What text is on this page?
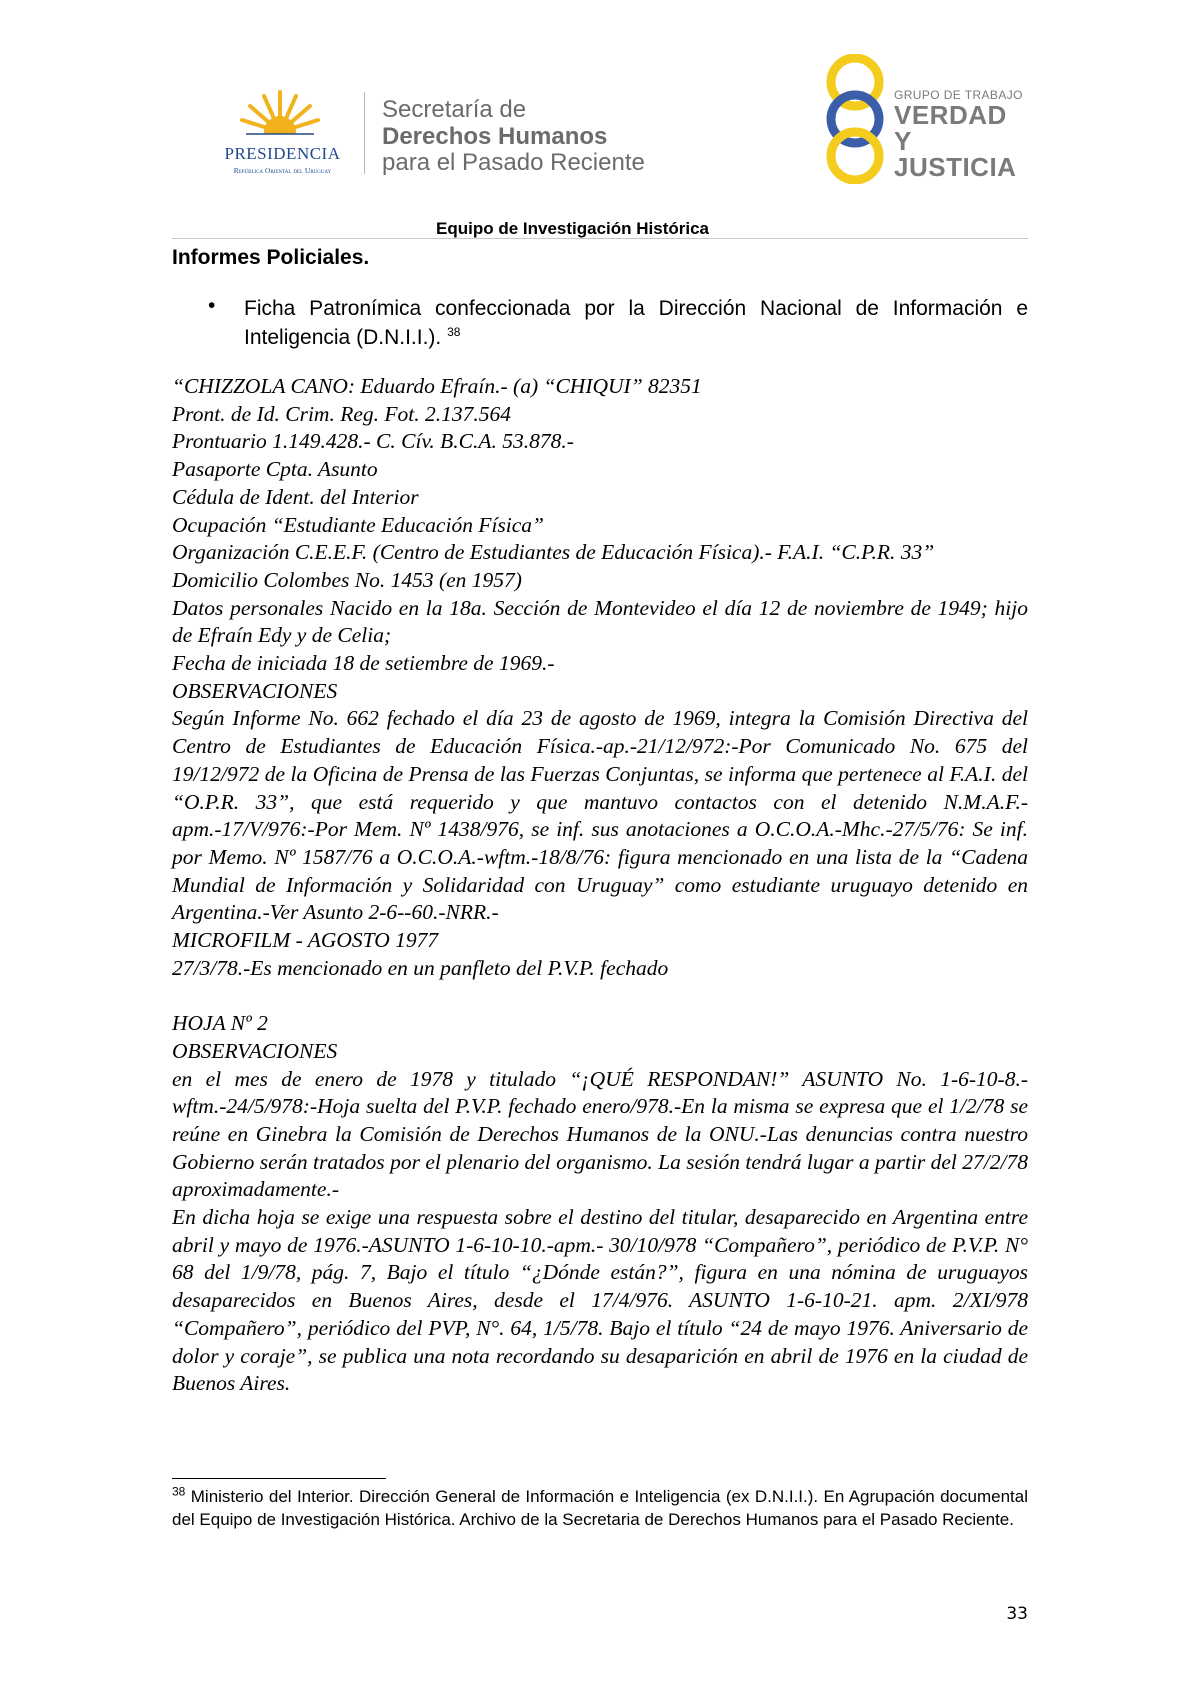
PRESIDENCIA
República Oriental del Uruguay
Secretaría de
Derechos Humanos
para el Pasado Reciente
GRUPO DE TRABAJO
VERDAD Y
JUSTICIA
Equipo de Investigación Histórica
Informes Policiales.
• Ficha Patronímica confeccionada por la Dirección Nacional de Información e Inteligencia (D.N.I.I.). $^{38}$

“CHIZZOLA CANO: Eduardo Efraín.- (a) “CHIQUI” 82351

Pront. de Id. Crim. Reg. Fot. 2.137.564

Prontuario 1.149.428.- C. Cív. B.C.A. 53.878.-

Pasaporte Cpta. Asunto

Cédula de Ident. del Interior

Ocupación “Estudiante Educación Física”

Organización C.E.E.F. (Centro de Estudiantes de Educación Física).- F.A.I. “C.P.R. 33”

Domicilio Colombes No. 1453 (en 1957)

Datos personales Nacido en la 18a. Sección de Montevideo el día 12 de noviembre de 1949; hijo de Efraín Edy y de Celia;

Fecha de iniciada 18 de setiembre de 1969.-

OBSERVACIONES

Según Informe No. 662 fechado el día 23 de agosto de 1969, integra la Comisión Directiva del Centro de Estudiantes de Educación Física.-ap.-21/12/972:-Por Comunicado No. 675 del 19/12/972 de la Oficina de Prensa de las Fuerzas Conjuntas, se informa que pertenece al F.A.I. del “O.P.R. 33”, que está requerido y que mantuvo contactos con el detenido N.M.A.F.-apm.-17/V/976:-Por Mem. Nº 1438/976, se inf. sus anotaciones a O.C.O.A.-Mhc.-27/5/76: Se inf. por Memo. Nº 1587/76 a O.C.O.A.-wftm.-18/8/76: figura mencionado en una lista de la “Cadena Mundial de Información y Solidaridad con Uruguay” como estudiante uruguayo detenido en Argentina.-Ver Asunto 2-6--60.-NRR.-

MICROFILM - AGOSTO 1977

27/3/78.-Es mencionado en un panfleto del P.V.P. fechado

HOJA Nº 2

OBSERVACIONES

en el mes de enero de 1978 y titulado “¡QUÉ RESPONDAN!” ASUNTO No. 1-6-10-8.-wftm.-24/5/978:-Hoja suelta del P.V.P. fechado enero/978.-En la misma se expresa que el 1/2/78 se reúne en Ginebra la Comisión de Derechos Humanos de la ONU.-Las denuncias contra nuestro Gobierno serán tratados por el plenario del organismo. La sesión tendrá lugar a partir del 27/2/78 aproximadamente.-

En dicha hoja se exige una respuesta sobre el destino del titular, desaparecido en Argentina entre abril y mayo de 1976.-ASUNTO 1-6-10-10.-apm.- 30/10/978 “Compañero”, periódico de P.V.P. N° 68 del 1/9/78, pág. 7, Bajo el título “¿Dónde están?”, figura en una nómina de uruguayos desaparecidos en Buenos Aires, desde el 17/4/976. ASUNTO 1-6-10-21. apm. 2/XI/978 “Compañero”, periódico del PVP, N°. 64, 1/5/78. Bajo el título “24 de mayo 1976. Aniversario de dolor y coraje”, se publica una nota recordando su desaparición en abril de 1976 en la ciudad de Buenos Aires.

$^{38}$ Ministerio del Interior. Dirección General de Información e Inteligencia (ex D.N.I.I.). En Agrupación documental del Equipo de Investigación Histórica. Archivo de la Secretaria de Derechos Humanos para el Pasado Reciente.
33
